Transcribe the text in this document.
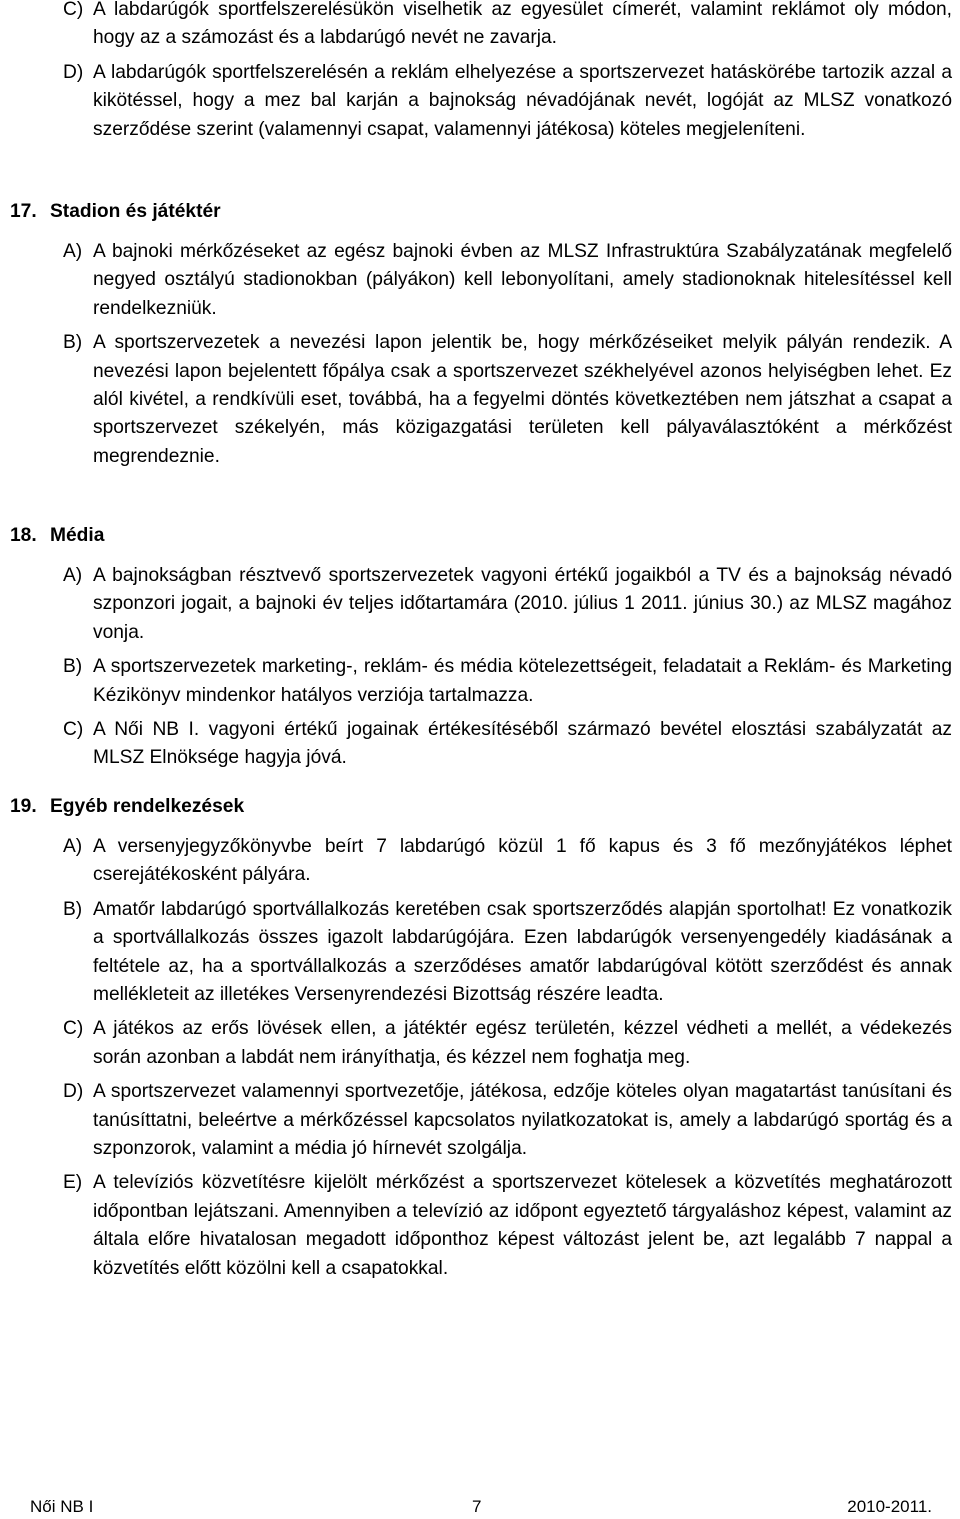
C) A labdarúgók sportfelszerelésükön viselhetik az egyesület címerét, valamint reklámot oly módon, hogy az a számozást és a labdarúgó nevét ne zavarja.
D) A labdarúgók sportfelszerelésén a reklám elhelyezése a sportszervezet hatáskörébe tartozik azzal a kikötéssel, hogy a mez bal karján a bajnokság névadójának nevét, logóját az MLSZ vonatkozó szerződése szerint (valamennyi csapat, valamennyi játékosa) köteles megjeleníteni.
17. Stadion és játéktér
A) A bajnoki mérkőzéseket az egész bajnoki évben az MLSZ Infrastruktúra Szabályzatának megfelelő negyed osztályú stadionokban (pályákon) kell lebonyolítani, amely stadionoknak hitelesítéssel kell rendelkezniük.
B) A sportszervezetek a nevezési lapon jelentik be, hogy mérkőzéseiket melyik pályán rendezik. A nevezési lapon bejelentett főpálya csak a sportszervezet székhelyével azonos helyiségben lehet. Ez alól kivétel, a rendkívüli eset, továbbá, ha a fegyelmi döntés következtében nem játszhat a csapat a sportszervezet székelyén, más közigazgatási területen kell pályaválasztóként a mérkőzést megrendeznie.
18. Média
A) A bajnokságban résztvevő sportszervezetek vagyoni értékű jogaikból a TV és a bajnokság névadó szponzori jogait, a bajnoki év teljes időtartamára (2010. július 1 2011. június 30.) az MLSZ magához vonja.
B) A sportszervezetek marketing-, reklám- és média kötelezettségeit, feladatait a Reklám- és Marketing Kézikönyv mindenkor hatályos verziója tartalmazza.
C) A Női NB I. vagyoni értékű jogainak értékesítéséből származó bevétel elosztási szabályzatát az MLSZ Elnöksége hagyja jóvá.
19. Egyéb rendelkezések
A) A versenyjegyzőkönyvbe beírt 7 labdarúgó közül 1 fő kapus és 3 fő mezőnyjátékos léphet cserejátékosként pályára.
B) Amatőr labdarúgó sportvállalkozás keretében csak sportszerződés alapján sportolhat! Ez vonatkozik a sportvállalkozás összes igazolt labdarúgójára. Ezen labdarúgók versenyengedély kiadásának a feltétele az, ha a sportvállalkozás a szerződéses amatőr labdarúgóval kötött szerződést és annak mellékleteit az illetékes Versenyrendezési Bizottság részére leadta.
C) A játékos az erős lövések ellen, a játéktér egész területén, kézzel védheti a mellét, a védekezés során azonban a labdát nem irányíthatja, és kézzel nem foghatja meg.
D) A sportszervezet valamennyi sportvezetője, játékosa, edzője köteles olyan magatartást tanúsítani és tanúsíttatni, beleértve a mérkőzéssel kapcsolatos nyilatkozatokat is, amely a labdarúgó sportág és a szponzorok, valamint a média jó hírnevét szolgálja.
E) A televíziós közvetítésre kijelölt mérkőzést a sportszervezet kötelesek a közvetítés meghatározott időpontban lejátszani. Amennyiben a televízió az időpont egyeztető tárgyaláshoz képest, valamint az általa előre hivatalosan megadott időponthoz képest változást jelent be, azt legalább 7 nappal a közvetítés előtt közölni kell a csapatokkal.
Női NB I	7	2010-2011.
